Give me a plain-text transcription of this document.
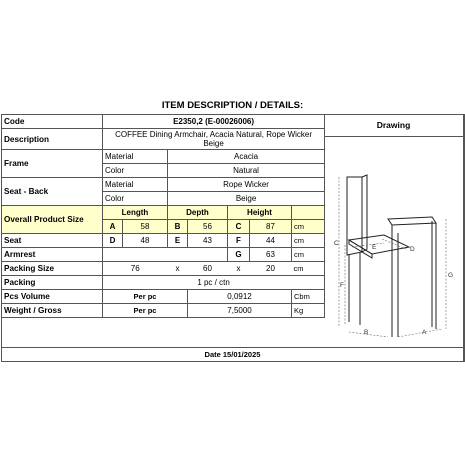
ITEM DESCRIPTION / DETAILS:
Code	E2350,2 (E-00026006)						
Description	COFFEE Dining Armchair, Acacia Natural, Rope Wicker Beige						
Frame	Material		Acacia				
	Color		Natural				
Seat - Back	Material		Rope Wicker				
	Color		Beige				
Overall Product Size	Length		Depth		Height		
	A	58	B	56	C	87	cm
Seat	D	48	E	43	F	44	cm
Armrest					G	63	cm
Packing Size	76		x	60	x	20	cm
Packing	1 pc / ctn						
Pcs Volume	Per pc			0,0912			Cbm
Weight / Gross	Per pc			7,5000			Kg
Drawing
C
F
E	D
G
B	A
Date 15/01/2025
